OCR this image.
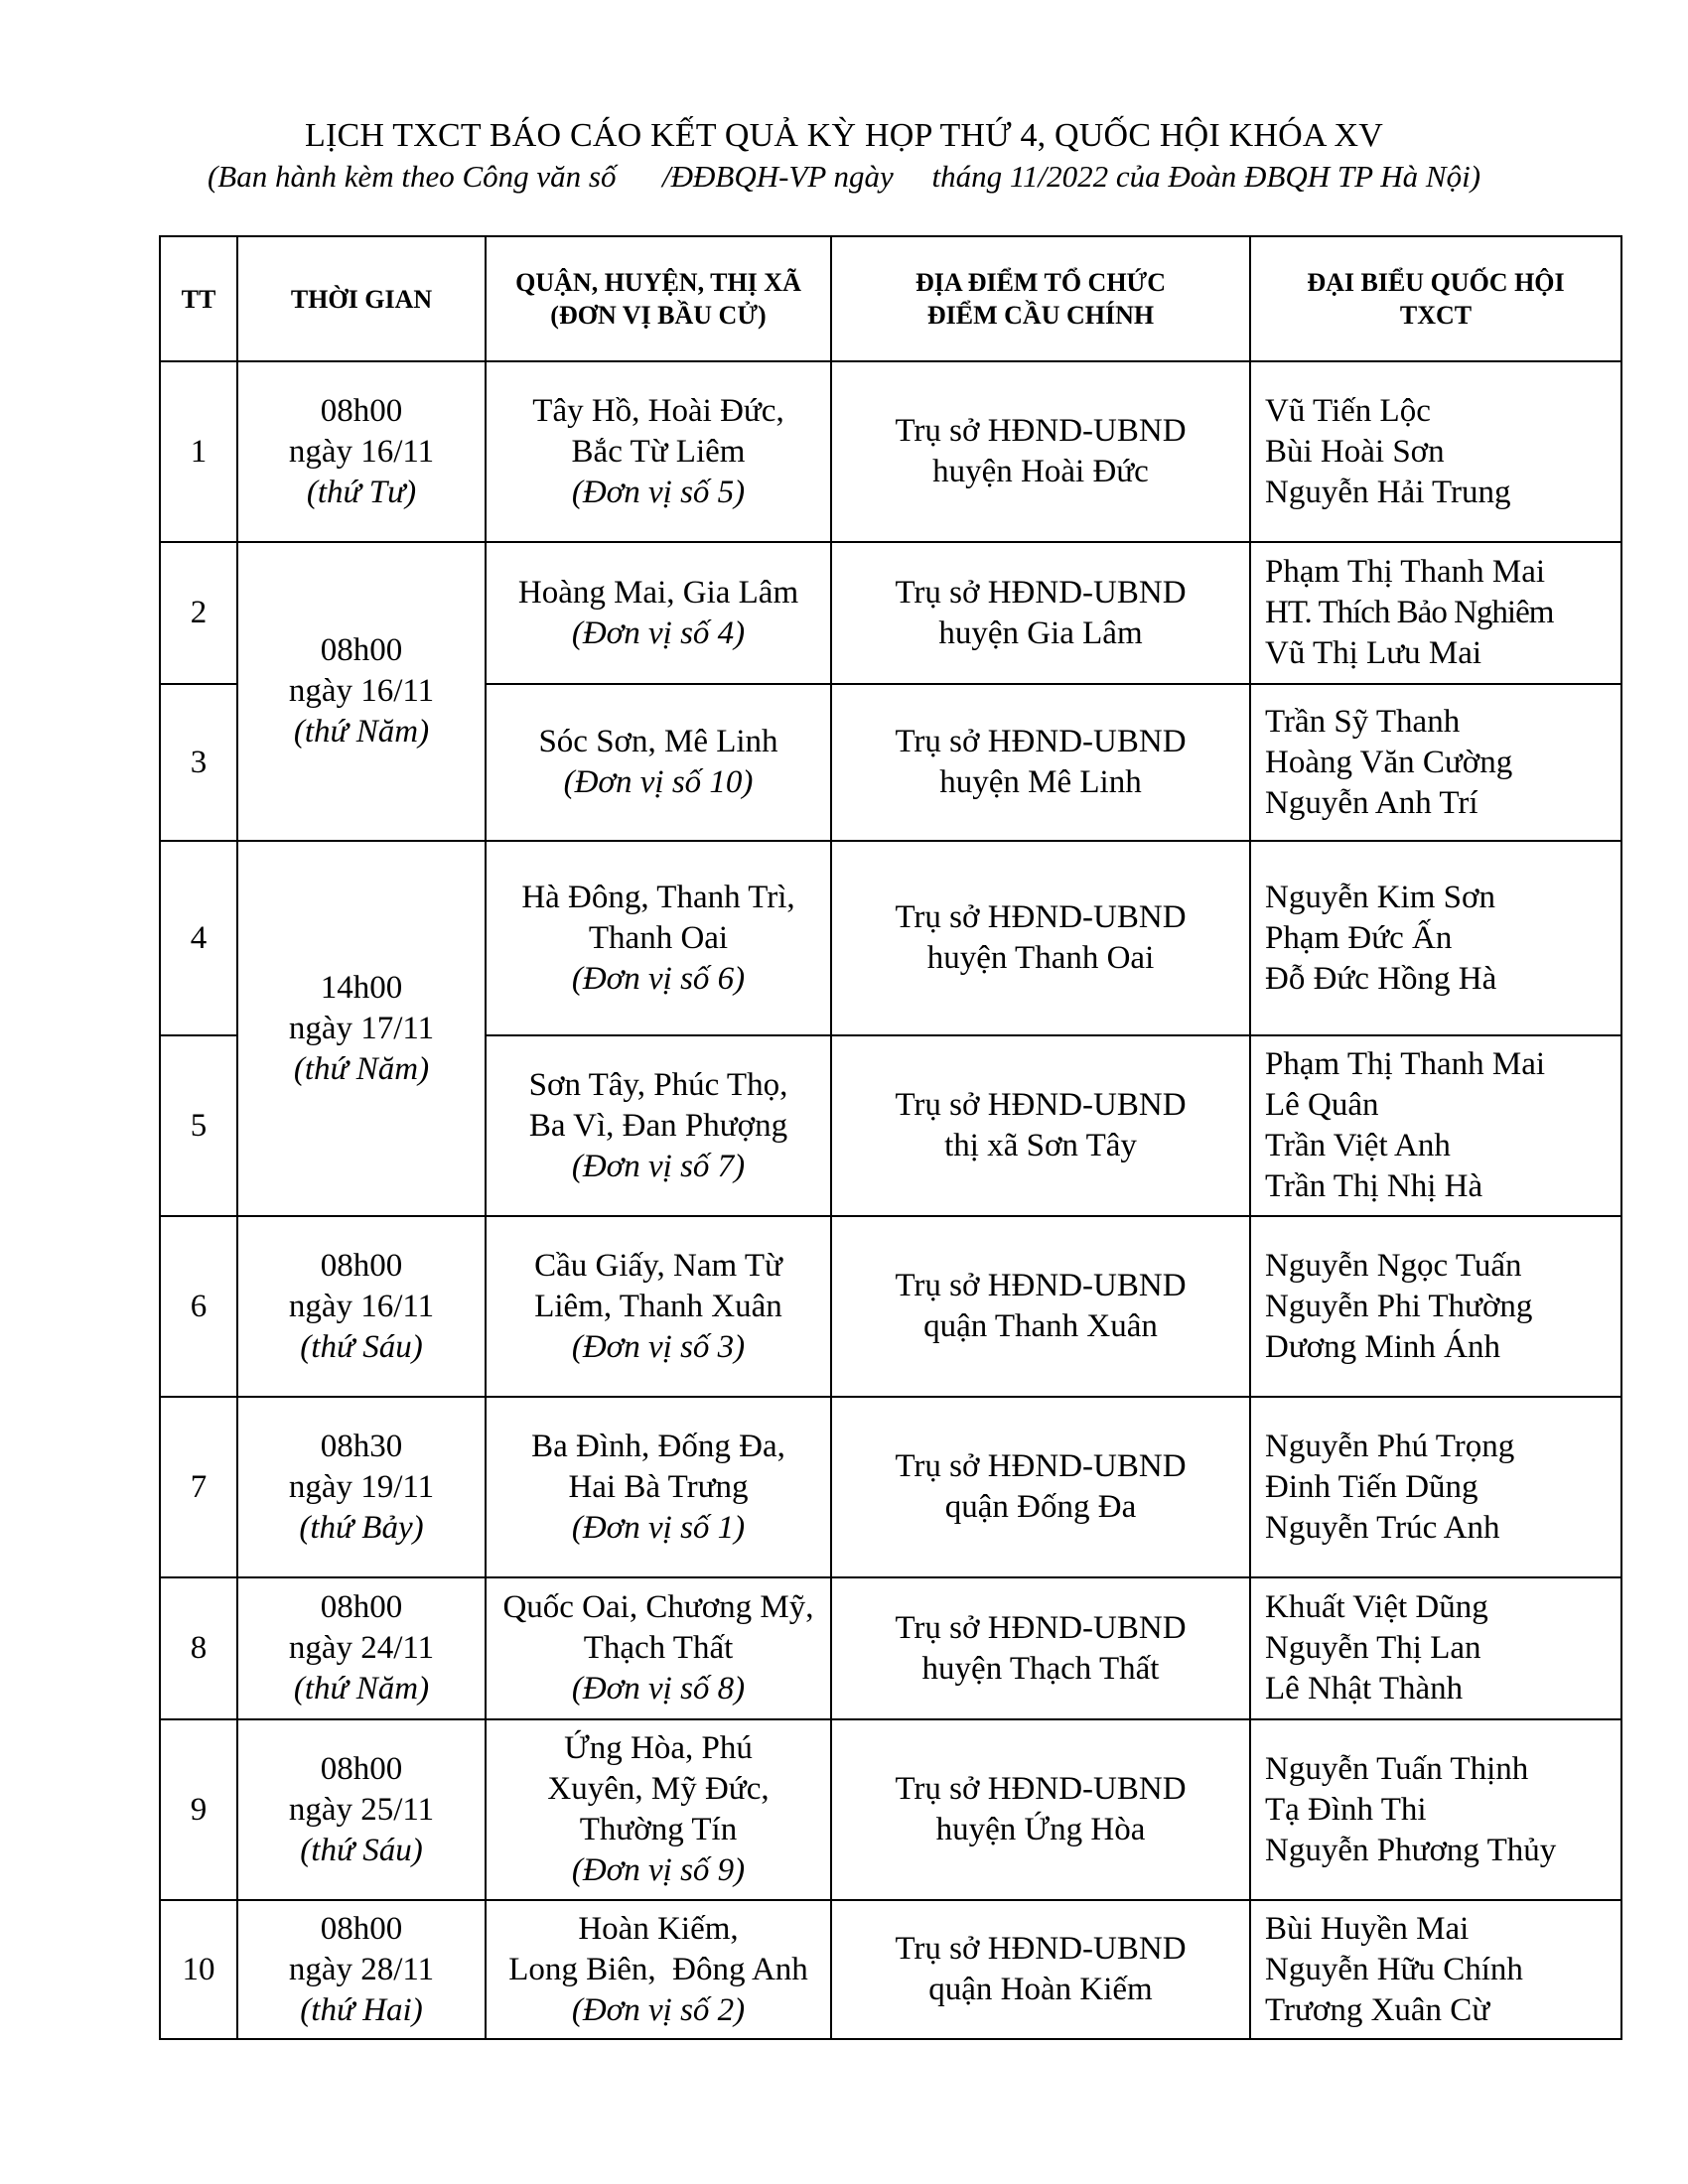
LỊCH TXCT BÁO CÁO KẾT QUẢ KỲ HỌP THỨ 4, QUỐC HỘI KHÓA XV
(Ban hành kèm theo Công văn số      /ĐĐBQH-VP ngày     tháng 11/2022 của Đoàn ĐBQH TP Hà Nội)
TT	THỜI GIAN	QUẬN, HUYỆN, THỊ XÃ
(ĐƠN VỊ BẦU CỬ)	ĐỊA ĐIỂM TỔ CHỨC
ĐIỂM CẦU CHÍNH	ĐẠI BIỂU QUỐC HỘI
TXCT

1	08h00
ngày 16/11
(thứ Tư)	Tây Hồ, Hoài Đức,
Bắc Từ Liêm
(Đơn vị số 5)	Trụ sở HĐND-UBND
huyện Hoài Đức	Vũ Tiến Lộc
Bùi Hoài Sơn
Nguyễn Hải Trung

2	08h00
ngày 16/11
(thứ Năm)	Hoàng Mai, Gia Lâm
(Đơn vị số 4)	Trụ sở HĐND-UBND
huyện Gia Lâm	Phạm Thị Thanh Mai
HT. Thích Bảo Nghiêm
Vũ Thị Lưu Mai

3		Sóc Sơn, Mê Linh
(Đơn vị số 10)	Trụ sở HĐND-UBND
huyện Mê Linh	Trần Sỹ Thanh
Hoàng Văn Cường
Nguyễn Anh Trí

4	14h00
ngày 17/11
(thứ Năm)	Hà Đông, Thanh Trì,
Thanh Oai
(Đơn vị số 6)	Trụ sở HĐND-UBND
huyện Thanh Oai	Nguyễn Kim Sơn
Phạm Đức Ấn
Đỗ Đức Hồng Hà

5		Sơn Tây, Phúc Thọ,
Ba Vì, Đan Phượng
(Đơn vị số 7)	Trụ sở HĐND-UBND
thị xã Sơn Tây	Phạm Thị Thanh Mai
Lê Quân
Trần Việt Anh
Trần Thị Nhị Hà

6	08h00
ngày 16/11
(thứ Sáu)	Cầu Giấy, Nam Từ
Liêm, Thanh Xuân
(Đơn vị số 3)	Trụ sở HĐND-UBND
quận Thanh Xuân	Nguyễn Ngọc Tuấn
Nguyễn Phi Thường
Dương Minh Ánh

7	08h30
ngày 19/11
(thứ Bảy)	Ba Đình, Đống Đa,
Hai Bà Trưng
(Đơn vị số 1)	Trụ sở HĐND-UBND
quận Đống Đa	Nguyễn Phú Trọng
Đinh Tiến Dũng
Nguyễn Trúc Anh

8	08h00
ngày 24/11
(thứ Năm)	Quốc Oai, Chương Mỹ,
Thạch Thất
(Đơn vị số 8)	Trụ sở HĐND-UBND
huyện Thạch Thất	Khuất Việt Dũng
Nguyễn Thị Lan
Lê Nhật Thành

9	08h00
ngày 25/11
(thứ Sáu)	Ứng Hòa, Phú
Xuyên, Mỹ Đức,
Thường Tín
(Đơn vị số 9)	Trụ sở HĐND-UBND
huyện Ứng Hòa	Nguyễn Tuấn Thịnh
Tạ Đình Thi
Nguyễn Phương Thủy

10	08h00
ngày 28/11
(thứ Hai)	Hoàn Kiếm,
Long Biên,  Đông Anh
(Đơn vị số 2)	Trụ sở HĐND-UBND
quận Hoàn Kiếm	Bùi Huyền Mai
Nguyễn Hữu Chính
Trương Xuân Cừ
